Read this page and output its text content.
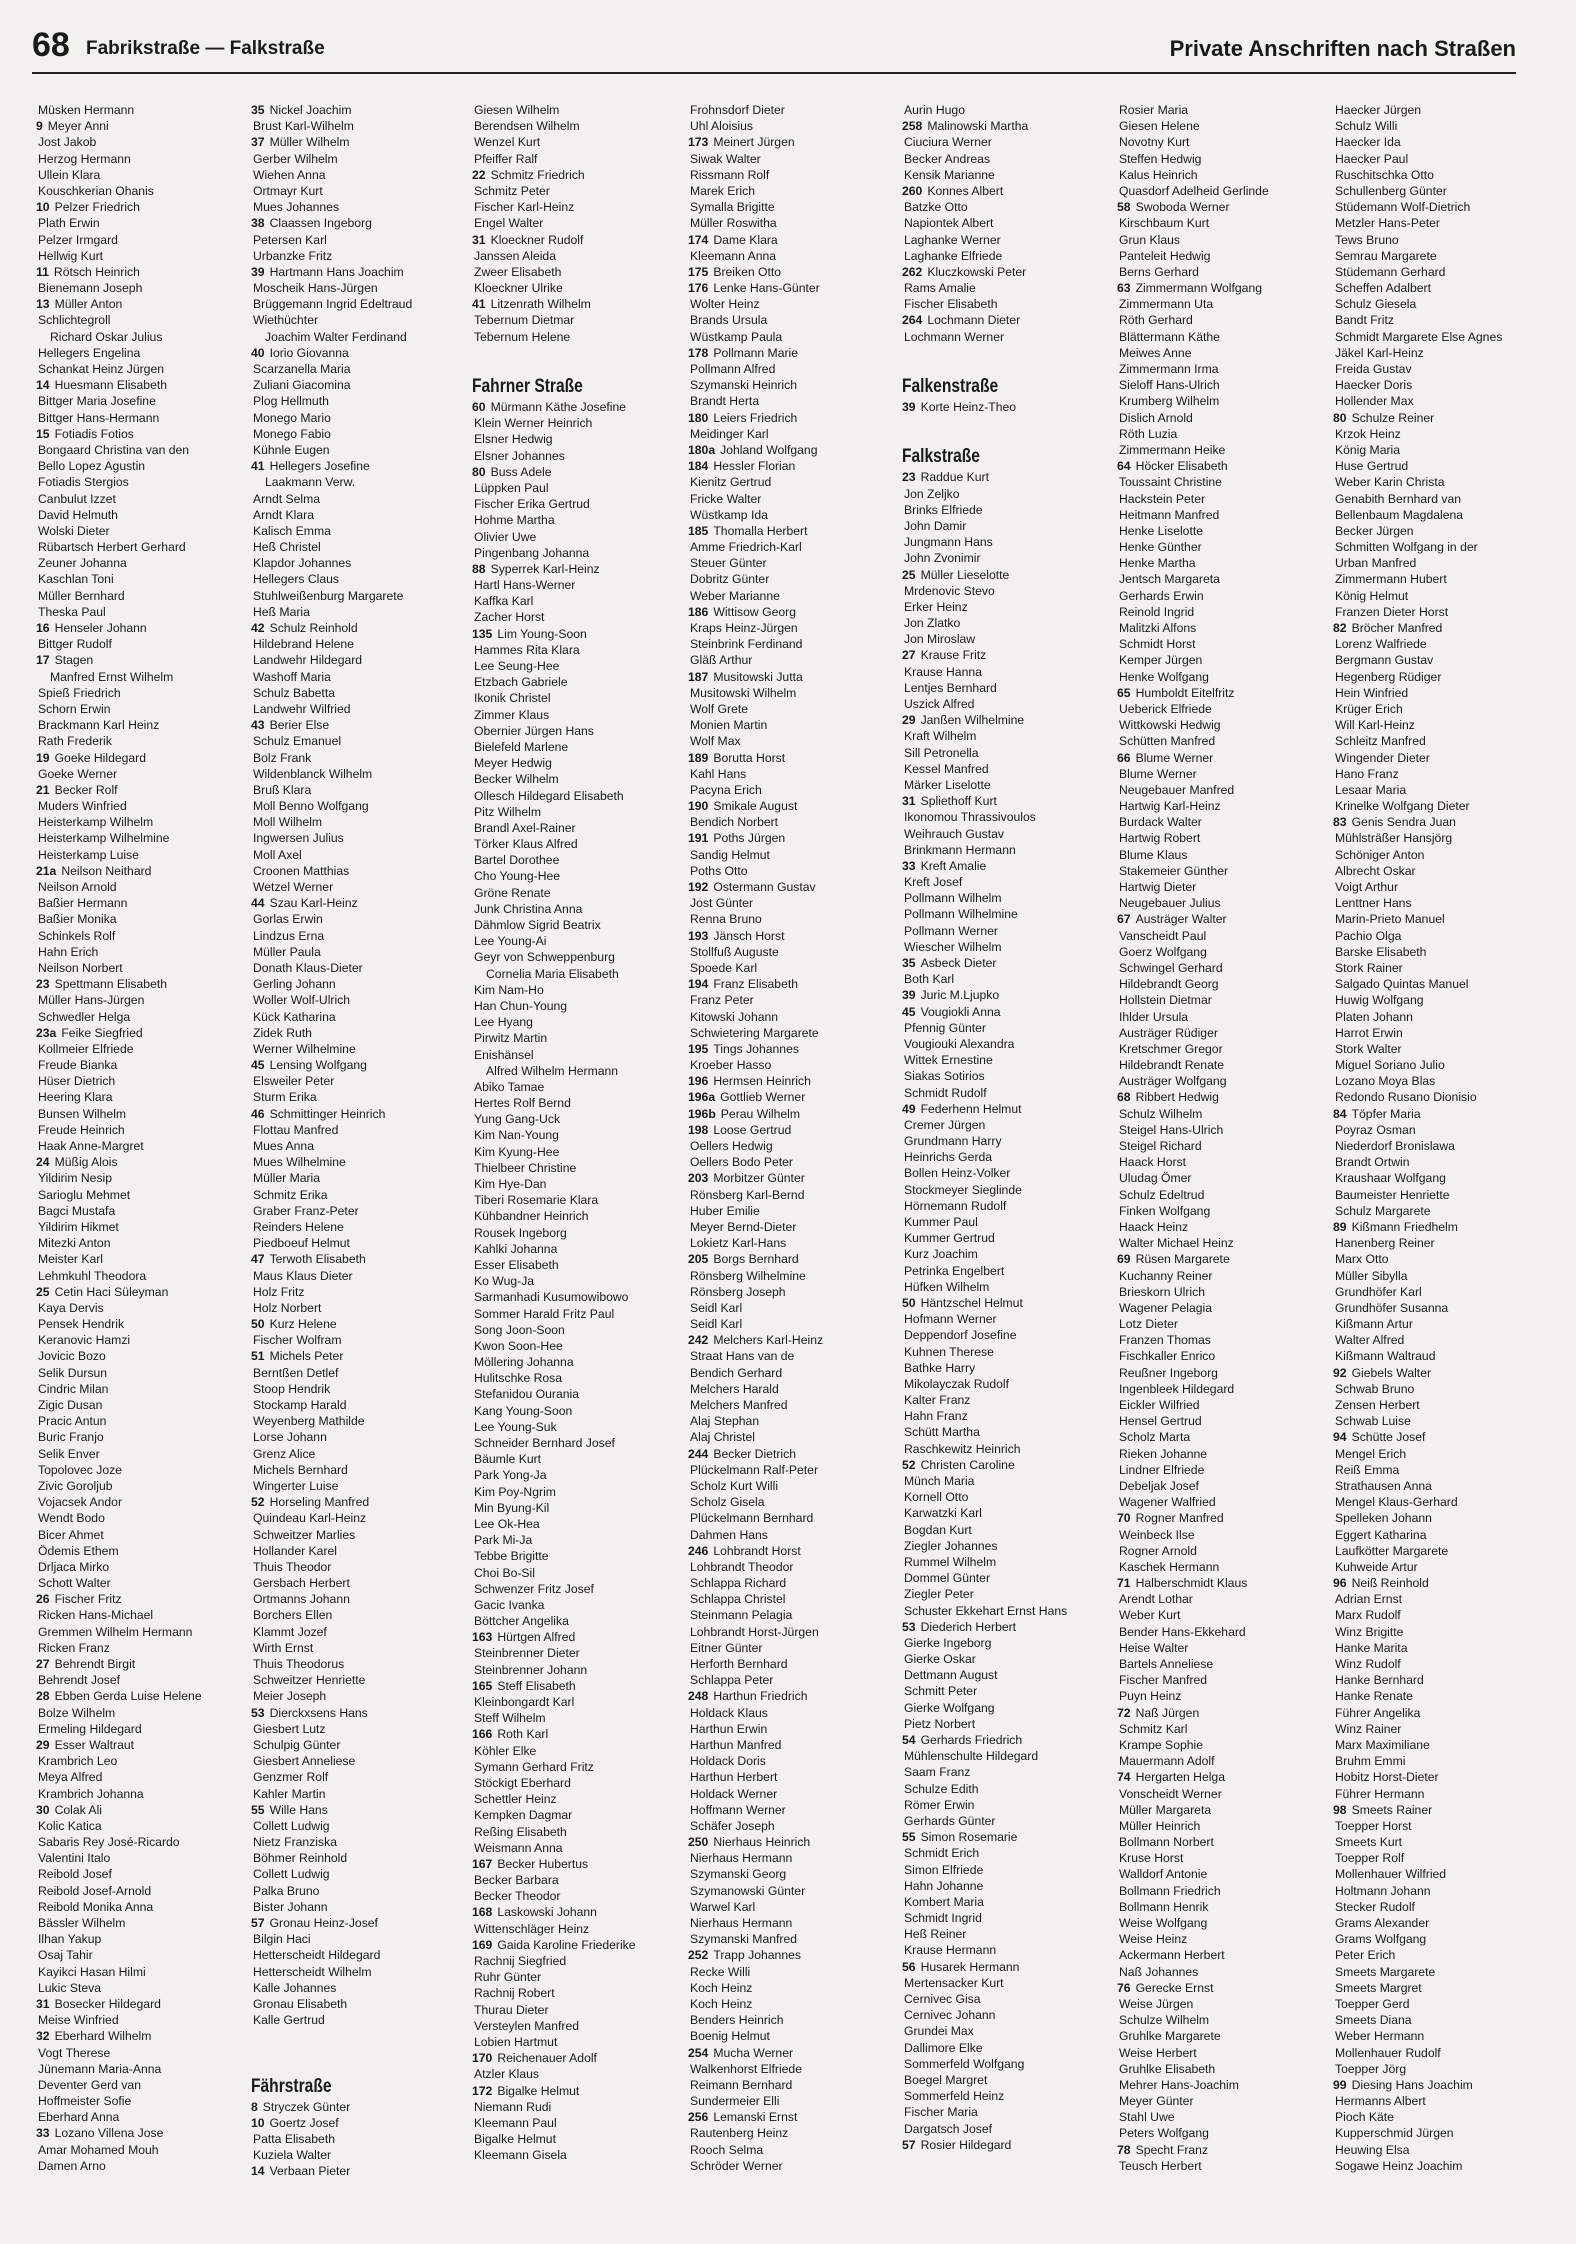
68 Fabrikstraße — Falkstraße	Private Anschriften nach Straßen
Müsken Hermann
9 Meyer Anni
Jost Jakob
Herzog Hermann
Ullein Klara
Kouschkerian Ohanis
10 Pelzer Friedrich
Plath Erwin
Pelzer Irmgard
Hellwig Kurt
11 Rötsch Heinrich
Bienemann Joseph
13 Müller Anton
Schlichtegroll
Richard Oskar Julius
Hellegers Engelina
Schankat Heinz Jürgen
14 Huesmann Elisabeth
Bittger Maria Josefine
Bittger Hans-Hermann
15 Fotiadis Fotios
Bongaard Christina van den
Bello Lopez Agustin
Fotiadis Stergios
Canbulut Izzet
David Helmuth
Wolski Dieter
Rübartsch Herbert Gerhard
Zeuner Johanna
Kaschlan Toni
Müller Bernhard
Theska Paul
16 Henseler Johann
Bittger Rudolf
17 Stagen
Manfred Ernst Wilhelm
Spieß Friedrich
Schorn Erwin
Brackmann Karl Heinz
Rath Frederik
19 Goeke Hildegard
Goeke Werner
21 Becker Rolf
Muders Winfried
Heisterkamp Wilhelm
Heisterkamp Wilhelmine
Heisterkamp Luise
21a Neilson Neithard
Neilson Arnold
Baßier Hermann
Baßier Monika
Schinkels Rolf
Hahn Erich
Neilson Norbert
23 Spettmann Elisabeth
Müller Hans-Jürgen
Schwedler Helga
23a Feike Siegfried
Kollmeier Elfriede
Freude Bianka
Hüser Dietrich
Heering Klara
Bunsen Wilhelm
Freude Heinrich
Haak Anne-Margret
24 Müßig Alois
Yildirim Nesip
Sarioglu Mehmet
Bagci Mustafa
Yildirim Hikmet
Mitezki Anton
Meister Karl
Lehmkuhl Theodora
25 Cetin Haci Süleyman
Kaya Dervis
Pensek Hendrik
Keranovic Hamzi
Jovicic Bozo
Selik Dursun
Cindric Milan
Zigic Dusan
Pracic Antun
Buric Franjo
Selik Enver
Topolovec Joze
Zivic Goroljub
Vojacsek Andor
Wendt Bodo
Bicer Ahmet
Ödemis Ethem
Drljaca Mirko
Schott Walter
26 Fischer Fritz
Ricken Hans-Michael
Gremmen Wilhelm Hermann
Ricken Franz
27 Behrendt Birgit
Behrendt Josef
28 Ebben Gerda Luise Helene
Bolze Wilhelm
Ermeling Hildegard
29 Esser Waltraut
Krambrich Leo
Meya Alfred
Krambrich Johanna
30 Colak Ali
Kolic Katica
Sabaris Rey José-Ricardo
Valentini Italo
Reibold Josef
Reibold Josef-Arnold
Reibold Monika Anna
Bässler Wilhelm
Ilhan Yakup
Osaj Tahir
Kayikci Hasan Hilmi
Lukic Steva
31 Bosecker Hildegard
Meise Winfried
32 Eberhard Wilhelm
Vogt Therese
Jünemann Maria-Anna
Deventer Gerd van
Hoffmeister Sofie
Eberhard Anna
33 Lozano Villena Jose
Amar Mohamed Mouh
Damen Arno
35 Nickel Joachim
Brust Karl-Wilhelm
37 Müller Wilhelm
Gerber Wilhelm
Wiehen Anna
Ortmayr Kurt
Mues Johannes
38 Claassen Ingeborg
Petersen Karl
Urbanzke Fritz
39 Hartmann Hans Joachim
Moscheik Hans-Jürgen
Brüggemann Ingrid Edeltraud
Wiethüchter
Joachim Walter Ferdinand
40 Iorio Giovanna
Scarzanella Maria
Zuliani Giacomina
Plog Hellmuth
Monego Mario
Monego Fabio
Kühnle Eugen
41 Hellegers Josefine
Laakmann Verw.
Arndt Selma
Arndt Klara
Kalisch Emma
Heß Christel
Klapdor Johannes
Hellegers Claus
Stuhlweißenburg Margarete
Heß Maria
42 Schulz Reinhold
Hildebrand Helene
Landwehr Hildegard
Washoff Maria
Schulz Babetta
Landwehr Wilfried
43 Berier Else
Schulz Emanuel
Bolz Frank
Wildenblanck Wilhelm
Bruß Klara
Moll Benno Wolfgang
Moll Wilhelm
Ingwersen Julius
Moll Axel
Croonen Matthias
Wetzel Werner
44 Szau Karl-Heinz
Gorlas Erwin
Lindzus Erna
Müller Paula
Donath Klaus-Dieter
Gerling Johann
Woller Wolf-Ulrich
Kück Katharina
Zidek Ruth
Werner Wilhelmine
45 Lensing Wolfgang
Elsweiler Peter
Sturm Erika
46 Schmittinger Heinrich
Flottau Manfred
Mues Anna
Mues Wilhelmine
Müller Maria
Schmitz Erika
Graber Franz-Peter
Reinders Helene
Piedboeuf Helmut
47 Terwoth Elisabeth
Maus Klaus Dieter
Holz Fritz
Holz Norbert
50 Kurz Helene
Fischer Wolfram
51 Michels Peter
Berntßen Detlef
Stoop Hendrik
Stockamp Harald
Weyenberg Mathilde
Lorse Johann
Grenz Alice
Michels Bernhard
Wingerter Luise
52 Horseling Manfred
Quindeau Karl-Heinz
Schweitzer Marlies
Hollander Karel
Thuis Theodor
Gersbach Herbert
Ortmanns Johann
Borchers Ellen
Klammt Jozef
Wirth Ernst
Thuis Theodorus
Schweitzer Henriette
Meier Joseph
53 Dierckxsens Hans
Giesbert Lutz
Schulpig Günter
Giesbert Anneliese
Genzmer Rolf
Kahler Martin
55 Wille Hans
Collett Ludwig
Nietz Franziska
Böhmer Reinhold
Collett Ludwig
Palka Bruno
Bister Johann
57 Gronau Heinz-Josef
Bilgin Haci
Hetterscheidt Hildegard
Hetterscheidt Wilhelm
Kalle Johannes
Gronau Elisabeth
Kalle Gertrud
Fährstraße
8 Stryczek Günter
10 Goertz Josef
Patta Elisabeth
Kuziela Walter
14 Verbaan Pieter
Giesen Wilhelm
Berendsen Wilhelm
Wenzel Kurt
Pfeiffer Ralf
22 Schmitz Friedrich
Schmitz Peter
Fischer Karl-Heinz
Engel Walter
31 Kloeckner Rudolf
Janssen Aleida
Zweer Elisabeth
Kloeckner Ulrike
41 Litzenrath Wilhelm
Tebernum Dietmar
Tebernum Helene
Fahrner Straße
60 Mürmann Käthe Josefine
Klein Werner Heinrich
Elsner Hedwig
Elsner Johannes
80 Buss Adele
Lüppken Paul
Fischer Erika Gertrud
Hohme Martha
Olivier Uwe
Pingenbang Johanna
88 Syperrek Karl-Heinz
Hartl Hans-Werner
Kaffka Karl
Zacher Horst
135 Lim Young-Soon
Hammes Rita Klara
Lee Seung-Hee
Etzbach Gabriele
Ikonik Christel
Zimmer Klaus
Obernier Jürgen Hans
Bielefeld Marlene
Meyer Hedwig
Becker Wilhelm
Ollesch Hildegard Elisabeth
Pitz Wilhelm
Brandl Axel-Rainer
Törker Klaus Alfred
Bartel Dorothee
Cho Young-Hee
Gröne Renate
Junk Christina Anna
Dähmlow Sigrid Beatrix
Lee Young-Ai
Geyr von Schweppenburg
Cornelia Maria Elisabeth
Kim Nam-Ho
Han Chun-Young
Lee Hyang
Pirwitz Martin
Enishänsel
Alfred Wilhelm Hermann
Abiko Tamae
Hertes Rolf Bernd
Yung Gang-Uck
Kim Nan-Young
Kim Kyung-Hee
Thielbeer Christine
Kim Hye-Dan
Tiberi Rosemarie Klara
Kühbandner Heinrich
Rousek Ingeborg
Kahlki Johanna
Esser Elisabeth
Ko Wug-Ja
Sarmanhadi Kusumowibowo
Sommer Harald Fritz Paul
Song Joon-Soon
Kwon Soon-Hee
Möllering Johanna
Hulitschke Rosa
Stefanidou Ourania
Kang Young-Soon
Lee Young-Suk
Schneider Bernhard Josef
Bäumle Kurt
Park Yong-Ja
Kim Poy-Ngrim
Min Byung-Kil
Lee Ok-Hea
Park Mi-Ja
Tebbe Brigitte
Choi Bo-Sil
Schwenzer Fritz Josef
Gacic Ivanka
Böttcher Angelika
163 Hürtgen Alfred
Steinbrenner Dieter
Steinbrenner Johann
165 Steff Elisabeth
Kleinbongardt Karl
Steff Wilhelm
166 Roth Karl
Köhler Elke
Symann Gerhard Fritz
Stöckigt Eberhard
Schettler Heinz
Kempken Dagmar
Reßing Elisabeth
Weismann Anna
167 Becker Hubertus
Becker Barbara
Becker Theodor
168 Laskowski Johann
Wittenschläger Heinz
169 Gaida Karoline Friederike
Rachnij Siegfried
Ruhr Günter
Rachnij Robert
Thurau Dieter
Versteylen Manfred
Lobien Hartmut
170 Reichenauer Adolf
Atzler Klaus
172 Bigalke Helmut
Niemann Rudi
Kleemann Paul
Bigalke Helmut
Kleemann Gisela
Frohnsdorf Dieter
Uhl Aloisius
173 Meinert Jürgen
Siwak Walter
Rissmann Rolf
Marek Erich
Symalla Brigitte
Müller Roswitha
174 Dame Klara
Kleemann Anna
175 Breiken Otto
176 Lenke Hans-Günter
Wolter Heinz
Brands Ursula
Wüstkamp Paula
178 Pollmann Marie
Pollmann Alfred
Szymanski Heinrich
Brandt Herta
180 Leiers Friedrich
Meidinger Karl
180a Johland Wolfgang
184 Hessler Florian
Kienitz Gertrud
Fricke Walter
Wüstkamp Ida
185 Thomalla Herbert
Amme Friedrich-Karl
Steuer Günter
Dobritz Günter
Weber Marianne
186 Wittisow Georg
Kraps Heinz-Jürgen
Steinbrink Ferdinand
Gläß Arthur
187 Musitowski Jutta
Musitowski Wilhelm
Wolf Grete
Monien Martin
Wolf Max
189 Borutta Horst
Kahl Hans
Pacyna Erich
190 Smikale August
Bendich Norbert
191 Poths Jürgen
Sandig Helmut
Poths Otto
192 Ostermann Gustav
Jost Günter
Renna Bruno
193 Jänsch Horst
Stollfuß Auguste
Spoede Karl
194 Franz Elisabeth
Franz Peter
Kitowski Johann
Schwietering Margarete
195 Tings Johannes
Kroeber Hasso
196 Hermsen Heinrich
196a Gottlieb Werner
196b Perau Wilhelm
198 Loose Gertrud
Oellers Hedwig
Oellers Bodo Peter
203 Morbitzer Günter
Rönsberg Karl-Bernd
Huber Emilie
Meyer Bernd-Dieter
Lokietz Karl-Hans
205 Borgs Bernhard
Rönsberg Wilhelmine
Rönsberg Joseph
Seidl Karl
Seidl Karl
242 Melchers Karl-Heinz
Straat Hans van de
Bendich Gerhard
Melchers Harald
Melchers Manfred
Alaj Stephan
Alaj Christel
244 Becker Dietrich
Plückelmann Ralf-Peter
Scholz Kurt Willi
Scholz Gisela
Plückelmann Bernhard
Dahmen Hans
246 Lohbrandt Horst
Lohbrandt Theodor
Schlappa Richard
Schlappa Christel
Steinmann Pelagia
Lohbrandt Horst-Jürgen
Eitner Günter
Herforth Bernhard
Schlappa Peter
248 Harthun Friedrich
Holdack Klaus
Harthun Erwin
Harthun Manfred
Holdack Doris
Harthun Herbert
Holdack Werner
Hoffmann Werner
Schäfer Joseph
250 Nierhaus Heinrich
Nierhaus Hermann
Szymanski Georg
Szymanowski Günter
Warwel Karl
Nierhaus Hermann
Szymanski Manfred
252 Trapp Johannes
Recke Willi
Koch Heinz
Koch Heinz
Benders Heinrich
Boenig Helmut
254 Mucha Werner
Walkenhorst Elfriede
Reimann Bernhard
Sundermeier Elli
256 Lemanski Ernst
Rautenberg Heinz
Rooch Selma
Schröder Werner
Aurin Hugo
258 Malinowski Martha
Ciuciura Werner
Becker Andreas
Kensik Marianne
260 Konnes Albert
Batzke Otto
Napiontek Albert
Laghanke Werner
Laghanke Elfriede
262 Kluczkowski Peter
Rams Amalie
Fischer Elisabeth
264 Lochmann Dieter
Lochmann Werner
Falkenstraße
39 Korte Heinz-Theo
Falkstraße
23 Raddue Kurt
Jon Zeljko
Brinks Elfriede
John Damir
Jungmann Hans
John Zvonimir
25 Müller Lieselotte
Mrdenovic Stevo
Erker Heinz
Jon Zlatko
Jon Miroslaw
27 Krause Fritz
Krause Hanna
Lentjes Bernhard
Uszick Alfred
29 Janßen Wilhelmine
Kraft Wilhelm
Sill Petronella
Kessel Manfred
Märker Liselotte
31 Spliethoff Kurt
Ikonomou Thrassivoulos
Weihrauch Gustav
Brinkmann Hermann
33 Kreft Amalie
Kreft Josef
Pollmann Wilhelm
Pollmann Wilhelmine
Pollmann Werner
Wiescher Wilhelm
35 Asbeck Dieter
Both Karl
39 Juric M.Ljupko
45 Vougiokli Anna
Pfennig Günter
Vougiouki Alexandra
Wittek Ernestine
Siakas Sotirios
Schmidt Rudolf
49 Federhenn Helmut
Cremer Jürgen
Grundmann Harry
Heinrichs Gerda
Bollen Heinz-Volker
Stockmeyer Sieglinde
Hörnemann Rudolf
Kummer Paul
Kummer Gertrud
Kurz Joachim
Petrinka Engelbert
Hüfken Wilhelm
50 Häntzschel Helmut
Hofmann Werner
Deppendorf Josefine
Kuhnen Therese
Bathke Harry
Mikolayczak Rudolf
Kalter Franz
Hahn Franz
Schütt Martha
Raschkewitz Heinrich
52 Christen Caroline
Münch Maria
Kornell Otto
Karwatzki Karl
Bogdan Kurt
Ziegler Johannes
Rummel Wilhelm
Dommel Günter
Ziegler Peter
Schuster Ekkehart Ernst Hans
53 Diederich Herbert
Gierke Ingeborg
Gierke Oskar
Dettmann August
Schmitt Peter
Gierke Wolfgang
Pietz Norbert
54 Gerhards Friedrich
Mühlenschulte Hildegard
Saam Franz
Schulze Edith
Römer Erwin
Gerhards Günter
55 Simon Rosemarie
Schmidt Erich
Simon Elfriede
Hahn Johanne
Kombert Maria
Schmidt Ingrid
Heß Reiner
Krause Hermann
56 Husarek Hermann
Mertensacker Kurt
Cernivec Gisa
Cernivec Johann
Grundei Max
Dallimore Elke
Sommerfeld Wolfgang
Boegel Margret
Sommerfeld Heinz
Fischer Maria
Dargatsch Josef
57 Rosier Hildegard
Rosier Maria
Giesen Helene
Novotny Kurt
Steffen Hedwig
Kalus Heinrich
Quasdorf Adelheid Gerlinde
58 Swoboda Werner
Kirschbaum Kurt
Grun Klaus
Panteleit Hedwig
Berns Gerhard
63 Zimmermann Wolfgang
Zimmermann Uta
Röth Gerhard
Blättermann Käthe
Meiwes Anne
Zimmermann Irma
Sieloff Hans-Ulrich
Krumberg Wilhelm
Dislich Arnold
Röth Luzia
Zimmermann Heike
64 Höcker Elisabeth
Toussaint Christine
Hackstein Peter
Heitmann Manfred
Henke Liselotte
Henke Günther
Henke Martha
Jentsch Margareta
Gerhards Erwin
Reinold Ingrid
Malitzki Alfons
Schmidt Horst
Kemper Jürgen
Henke Wolfgang
65 Humboldt Eitelfritz
Ueberick Elfriede
Wittkowski Hedwig
Schütten Manfred
66 Blume Werner
Blume Werner
Neugebauer Manfred
Hartwig Karl-Heinz
Burdack Walter
Hartwig Robert
Blume Klaus
Stakemeier Günther
Hartwig Dieter
Neugebauer Julius
67 Austräger Walter
Vanscheidt Paul
Goerz Wolfgang
Schwingel Gerhard
Hildebrandt Georg
Hollstein Dietmar
Ihlder Ursula
Austräger Rüdiger
Kretschmer Gregor
Hildebrandt Renate
Austräger Wolfgang
68 Ribbert Hedwig
Schulz Wilhelm
Steigel Hans-Ulrich
Steigel Richard
Haack Horst
Uludag Ömer
Schulz Edeltrud
Finken Wolfgang
Haack Heinz
Walter Michael Heinz
69 Rüsen Margarete
Kuchanny Reiner
Brieskorn Ulrich
Wagener Pelagia
Lotz Dieter
Franzen Thomas
Fischkaller Enrico
Reußner Ingeborg
Ingenbleek Hildegard
Eickler Wilfried
Hensel Gertrud
Scholz Marta
Rieken Johanne
Lindner Elfriede
Debeljak Josef
Wagener Walfried
70 Rogner Manfred
Weinbeck Ilse
Rogner Arnold
Kaschek Hermann
71 Halberschmidt Klaus
Arendt Lothar
Weber Kurt
Bender Hans-Ekkehard
Heise Walter
Bartels Anneliese
Fischer Manfred
Puyn Heinz
72 Naß Jürgen
Schmitz Karl
Krampe Sophie
Mauermann Adolf
74 Hergarten Helga
Vonscheidt Werner
Müller Margareta
Müller Heinrich
Bollmann Norbert
Kruse Horst
Walldorf Antonie
Bollmann Friedrich
Bollmann Henrik
Weise Wolfgang
Weise Heinz
Ackermann Herbert
Naß Johannes
76 Gerecke Ernst
Weise Jürgen
Schulze Wilhelm
Gruhlke Margarete
Weise Herbert
Gruhlke Elisabeth
Mehrer Hans-Joachim
Meyer Günter
Stahl Uwe
Peters Wolfgang
78 Specht Franz
Teusch Herbert
Haecker Jürgen
Schulz Willi
Haecker Ida
Haecker Paul
Ruschitschka Otto
Schullenberg Günter
Stüdemann Wolf-Dietrich
Metzler Hans-Peter
Tews Bruno
Semrau Margarete
Stüdemann Gerhard
Scheffen Adalbert
Schulz Giesela
Bandt Fritz
Schmidt Margarete Else Agnes
Jäkel Karl-Heinz
Freida Gustav
Haecker Doris
Hollender Max
80 Schulze Reiner
Krzok Heinz
König Maria
Huse Gertrud
Weber Karin Christa
Genabith Bernhard van
Bellenbaum Magdalena
Becker Jürgen
Schmitten Wolfgang in der
Urban Manfred
Zimmermann Hubert
König Helmut
Franzen Dieter Horst
82 Bröcher Manfred
Lorenz Walfriede
Bergmann Gustav
Hegenberg Rüdiger
Hein Winfried
Krüger Erich
Will Karl-Heinz
Schleitz Manfred
Wingender Dieter
Hano Franz
Lesaar Maria
Krinelke Wolfgang Dieter
83 Genis Sendra Juan
Mühlsträßer Hansjörg
Schöniger Anton
Albrecht Oskar
Voigt Arthur
Lenttner Hans
Marin-Prieto Manuel
Pachio Olga
Barske Elisabeth
Stork Rainer
Salgado Quintas Manuel
Huwig Wolfgang
Platen Johann
Harrot Erwin
Stork Walter
Miguel Soriano Julio
Lozano Moya Blas
Redondo Rusano Dionisio
84 Töpfer Maria
Poyraz Osman
Niederdorf Bronislawa
Brandt Ortwin
Kraushaar Wolfgang
Baumeister Henriette
Schulz Margarete
89 Kißmann Friedhelm
Hanenberg Reiner
Marx Otto
Müller Sibylla
Grundhöfer Karl
Grundhöfer Susanna
Kißmann Artur
Walter Alfred
Kißmann Waltraud
92 Giebels Walter
Schwab Bruno
Zensen Herbert
Schwab Luise
94 Schütte Josef
Mengel Erich
Reiß Emma
Strathausen Anna
Mengel Klaus-Gerhard
Spelleken Johann
Eggert Katharina
Laufkötter Margarete
Kuhweide Artur
96 Neiß Reinhold
Adrian Ernst
Marx Rudolf
Winz Brigitte
Hanke Marita
Winz Rudolf
Hanke Bernhard
Hanke Renate
Führer Angelika
Winz Rainer
Marx Maximiliane
Bruhm Emmi
Hobitz Horst-Dieter
Führer Hermann
98 Smeets Rainer
Toepper Horst
Smeets Kurt
Toepper Rolf
Mollenhauer Wilfried
Holtmann Johann
Stecker Rudolf
Grams Alexander
Grams Wolfgang
Peter Erich
Smeets Margarete
Smeets Margret
Toepper Gerd
Smeets Diana
Weber Hermann
Mollenhauer Rudolf
Toepper Jörg
99 Diesing Hans Joachim
Hermanns Albert
Pioch Käte
Kupperschmid Jürgen
Heuwing Elsa
Sogawe Heinz Joachim
